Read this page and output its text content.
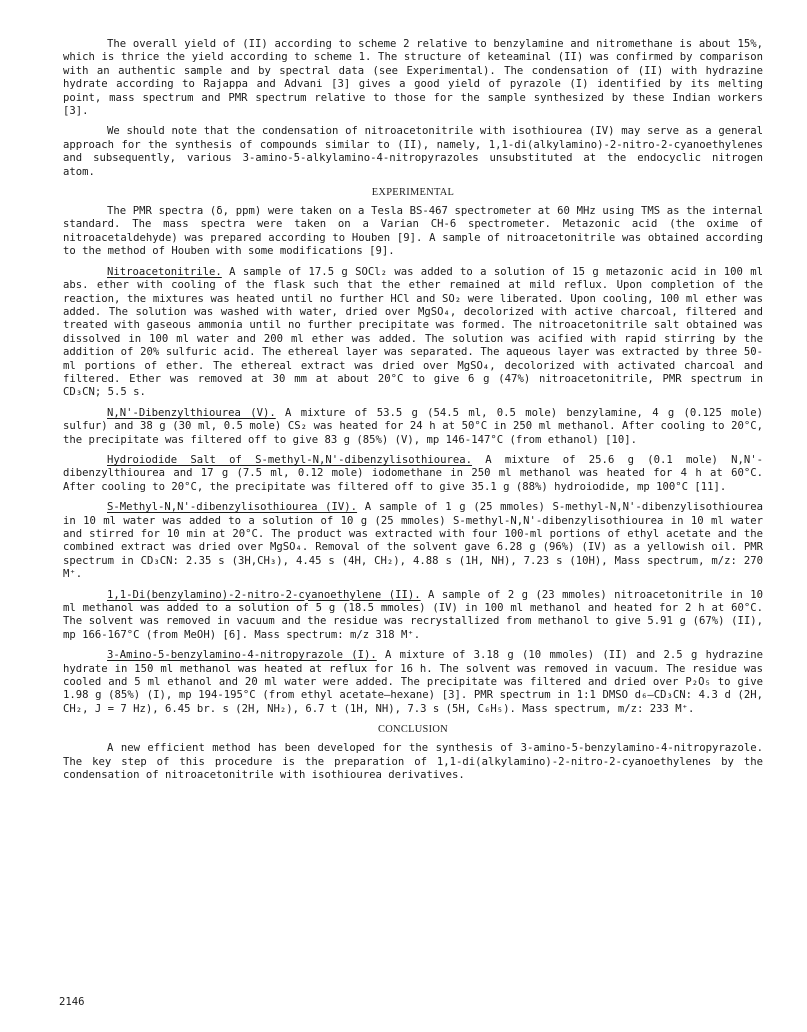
The overall yield of (II) according to scheme 2 relative to benzylamine and nitromethane is about 15%, which is thrice the yield according to scheme 1. The structure of keteaminal (II) was confirmed by comparison with an authentic sample and by spectral data (see Experimental). The condensation of (II) with hydrazine hydrate according to Rajappa and Advani [3] gives a good yield of pyrazole (I) identified by its melting point, mass spectrum and PMR spectrum relative to those for the sample synthesized by these Indian workers [3].

We should note that the condensation of nitroacetonitrile with isothiourea (IV) may serve as a general approach for the synthesis of compounds similar to (II), namely, 1,1-di(alkylamino)-2-nitro-2-cyanoethylenes and subsequently, various 3-amino-5-alkylamino-4-nitropyrazoles unsubstituted at the endocyclic nitrogen atom.

EXPERIMENTAL

The PMR spectra (δ, ppm) were taken on a Tesla BS-467 spectrometer at 60 MHz using TMS as the internal standard. The mass spectra were taken on a Varian CH-6 spectrometer. Metazonic acid (the oxime of nitroacetaldehyde) was prepared according to Houben [9]. A sample of nitroacetonitrile was obtained according to the method of Houben with some modifications [9].

Nitroacetonitrile. A sample of 17.5 g SOCl₂ was added to a solution of 15 g metazonic acid in 100 ml abs. ether with cooling of the flask such that the ether remained at mild reflux. Upon completion of the reaction, the mixtures was heated until no further HCl and SO₂ were liberated. Upon cooling, 100 ml ether was added. The solution was washed with water, dried over MgSO₄, decolorized with active charcoal, filtered and treated with gaseous ammonia until no further precipitate was formed. The nitroacetonitrile salt obtained was dissolved in 100 ml water and 200 ml ether was added. The solution was acified with rapid stirring by the addition of 20% sulfuric acid. The ethereal layer was separated. The aqueous layer was extracted by three 50-ml portions of ether. The ethereal extract was dried over MgSO₄, decolorized with activated charcoal and filtered. Ether was removed at 30 mm at about 20°C to give 6 g (47%) nitroacetonitrile, PMR spectrum in CD₃CN; 5.5 s.

N,N'-Dibenzylthiourea (V). A mixture of 53.5 g (54.5 ml, 0.5 mole) benzylamine, 4 g (0.125 mole) sulfur) and 38 g (30 ml, 0.5 mole) CS₂ was heated for 24 h at 50°C in 250 ml methanol. After cooling to 20°C, the precipitate was filtered off to give 83 g (85%) (V), mp 146-147°C (from ethanol) [10].

Hydroiodide Salt of S-methyl-N,N'-dibenzylisothiourea. A mixture of 25.6 g (0.1 mole) N,N'-dibenzylthiourea and 17 g (7.5 ml, 0.12 mole) iodomethane in 250 ml methanol was heated for 4 h at 60°C. After cooling to 20°C, the precipitate was filtered off to give 35.1 g (88%) hydroiodide, mp 100°C [11].

S-Methyl-N,N'-dibenzylisothiourea (IV). A sample of 1 g (25 mmoles) S-methyl-N,N'-dibenzylisothiourea in 10 ml water was added to a solution of 10 g (25 mmoles) S-methyl-N,N'-dibenzylisothiourea in 10 ml water and stirred for 10 min at 20°C. The product was extracted with four 100-ml portions of ethyl acetate and the combined extract was dried over MgSO₄. Removal of the solvent gave 6.28 g (96%) (IV) as a yellowish oil. PMR spectrum in CD₃CN: 2.35 s (3H,CH₃), 4.45 s (4H, CH₂), 4.88 s (1H, NH), 7.23 s (10H), Mass spectrum, m/z: 270 M⁺.

1,1-Di(benzylamino)-2-nitro-2-cyanoethylene (II). A sample of 2 g (23 mmoles) nitroacetonitrile in 10 ml methanol was added to a solution of 5 g (18.5 mmoles) (IV) in 100 ml methanol and heated for 2 h at 60°C. The solvent was removed in vacuum and the residue was recrystallized from methanol to give 5.91 g (67%) (II), mp 166-167°C (from MeOH) [6]. Mass spectrum: m/z 318 M⁺.

3-Amino-5-benzylamino-4-nitropyrazole (I). A mixture of 3.18 g (10 mmoles) (II) and 2.5 g hydrazine hydrate in 150 ml methanol was heated at reflux for 16 h. The solvent was removed in vacuum. The residue was cooled and 5 ml ethanol and 20 ml water were added. The precipitate was filtered and dried over P₂O₅ to give 1.98 g (85%) (I), mp 194-195°C (from ethyl acetate—hexane) [3]. PMR spectrum in 1:1 DMSO d₆—CD₃CN: 4.3 d (2H, CH₂, J = 7 Hz), 6.45 br. s (2H, NH₂), 6.7 t (1H, NH), 7.3 s (5H, C₆H₅). Mass spectrum, m/z: 233 M⁺.

CONCLUSION

A new efficient method has been developed for the synthesis of 3-amino-5-benzylamino-4-nitropyrazole. The key step of this procedure is the preparation of 1,1-di(alkylamino)-2-nitro-2-cyanoethylenes by the condensation of nitroacetonitrile with isothiourea derivatives.

2146
